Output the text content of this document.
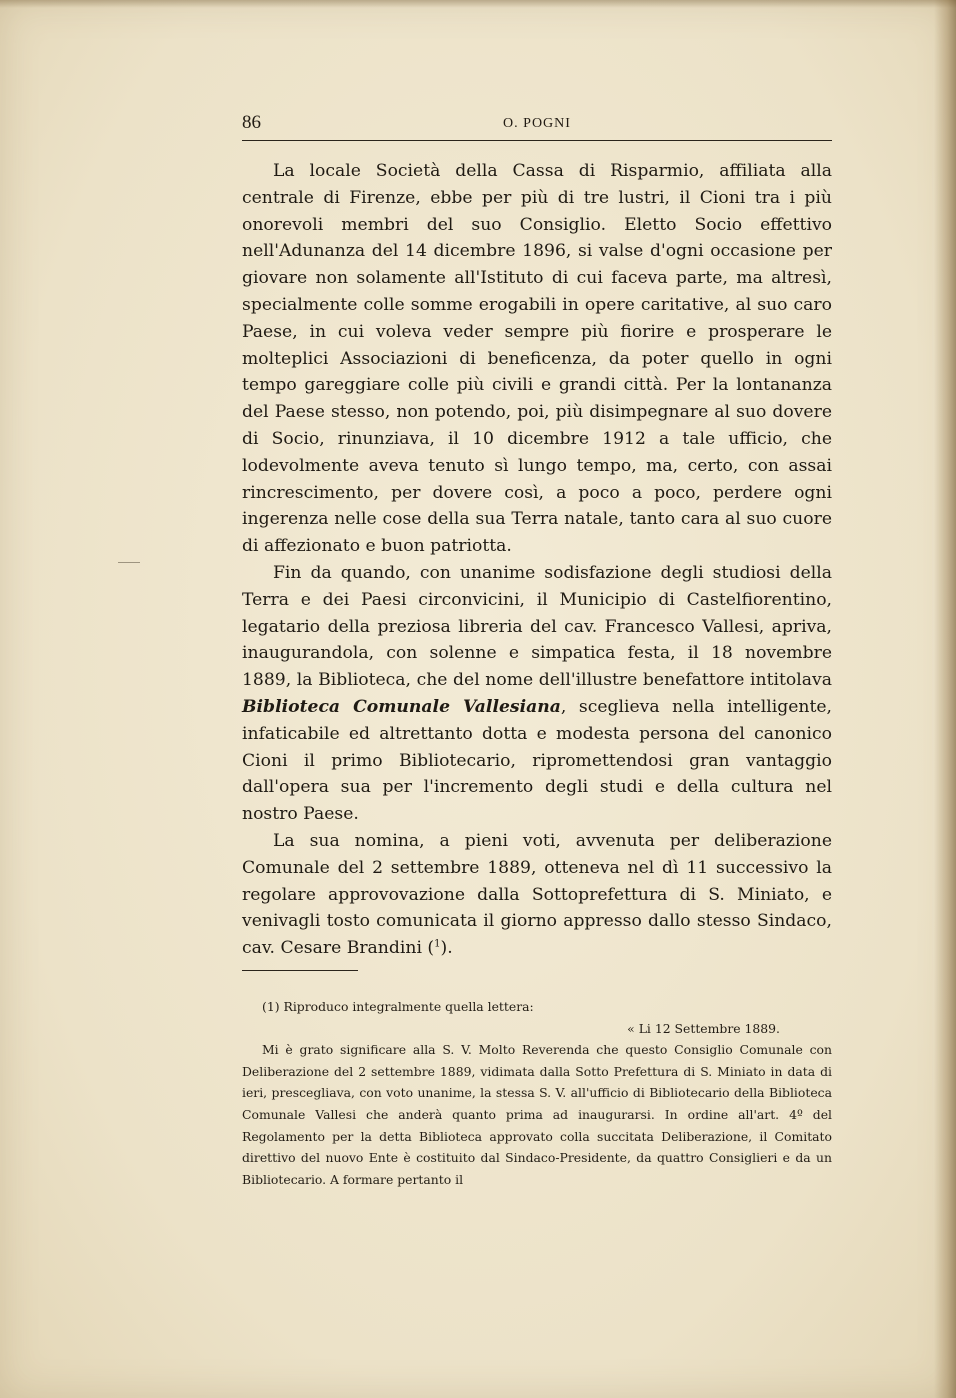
86	O. POGNI

La locale Società della Cassa di Risparmio, affiliata alla centrale di Firenze, ebbe per più di tre lustri, il Cioni tra i più onorevoli membri del suo Consiglio. Eletto Socio effettivo nell'Adunanza del 14 dicembre 1896, si valse d'ogni occasione per giovare non solamente all'Istituto di cui faceva parte, ma altresì, specialmente colle somme erogabili in opere caritative, al suo caro Paese, in cui voleva veder sempre più fiorire e prosperare le molteplici Associazioni di beneficenza, da poter quello in ogni tempo gareggiare colle più civili e grandi città. Per la lontananza del Paese stesso, non potendo, poi, più disimpegnare al suo dovere di Socio, rinunziava, il 10 dicembre 1912 a tale ufficio, che lodevolmente aveva tenuto sì lungo tempo, ma, certo, con assai rincrescimento, per dovere così, a poco a poco, perdere ogni ingerenza nelle cose della sua Terra natale, tanto cara al suo cuore di affezionato e buon patriotta.

Fin da quando, con unanime sodisfazione degli studiosi della Terra e dei Paesi circonvicini, il Municipio di Castelfiorentino, legatario della preziosa libreria del cav. Francesco Vallesi, apriva, inaugurandola, con solenne e simpatica festa, il 18 novembre 1889, la Biblioteca, che del nome dell'illustre benefattore intitolava Biblioteca Comunale Vallesiana, sceglieva nella intelligente, infaticabile ed altrettanto dotta e modesta persona del canonico Cioni il primo Bibliotecario, ripromettendosi gran vantaggio dall'opera sua per l'incremento degli studi e della cultura nel nostro Paese.

La sua nomina, a pieni voti, avvenuta per deliberazione Comunale del 2 settembre 1889, otteneva nel dì 11 successivo la regolare approvovazione dalla Sottoprefettura di S. Miniato, e venivagli tosto comunicata il giorno appresso dallo stesso Sindaco, cav. Cesare Brandini ($^1$).

(1) Riproduco integralmente quella lettera:

« Li 12 Settembre 1889.

Mi è grato significare alla S. V. Molto Reverenda che questo Consiglio Comunale con Deliberazione del 2 settembre 1889, vidimata dalla Sotto Prefettura di S. Miniato in data di ieri, prescegliava, con voto unanime, la stessa S. V. all'ufficio di Bibliotecario della Biblioteca Comunale Vallesi che anderà quanto prima ad inaugurarsi. In ordine all'art. 4º del Regolamento per la detta Biblioteca approvato colla succitata Deliberazione, il Comitato direttivo del nuovo Ente è costituito dal Sindaco-Presidente, da quattro Consiglieri e da un Bibliotecario. A formare pertanto il
